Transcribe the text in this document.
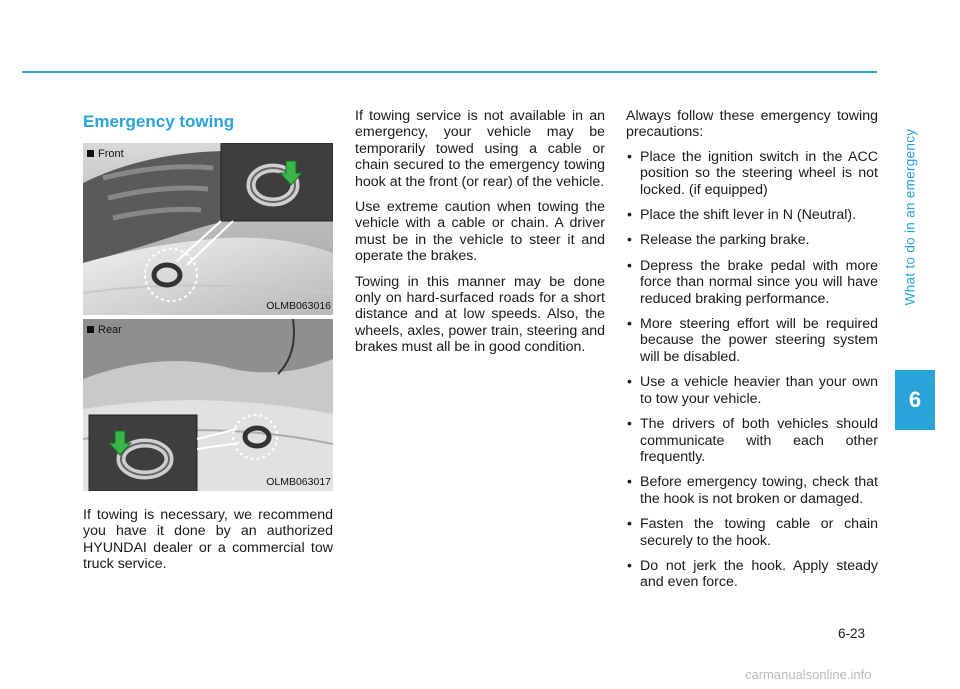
What to do in an emergency
6
Emergency towing
Front
OLMB063016
Rear
OLMB063017

If towing is necessary, we recommend you have it done by an authorized HYUNDAI dealer or a commercial tow truck service.

If towing service is not available in an emergency, your vehicle may be temporarily towed using a cable or chain secured to the emergency towing hook at the front (or rear) of the vehicle.

Use extreme caution when towing the vehicle with a cable or chain. A driver must be in the vehicle to steer it and operate the brakes.

Towing in this manner may be done only on hard-surfaced roads for a short distance and at low speeds. Also, the wheels, axles, power train, steering and brakes must all be in good condition.

Always follow these emergency towing precautions:

• Place the ignition switch in the ACC position so the steering wheel is not locked. (if equipped)
• Place the shift lever in N (Neutral).
• Release the parking brake.
• Depress the brake pedal with more force than normal since you will have reduced braking performance.
• More steering effort will be required because the power steering system will be disabled.
• Use a vehicle heavier than your own to tow your vehicle.
• The drivers of both vehicles should communicate with each other frequently.
• Before emergency towing, check that the hook is not broken or damaged.
• Fasten the towing cable or chain securely to the hook.
• Do not jerk the hook. Apply steady and even force.
6-23
carmanualsonline.info
